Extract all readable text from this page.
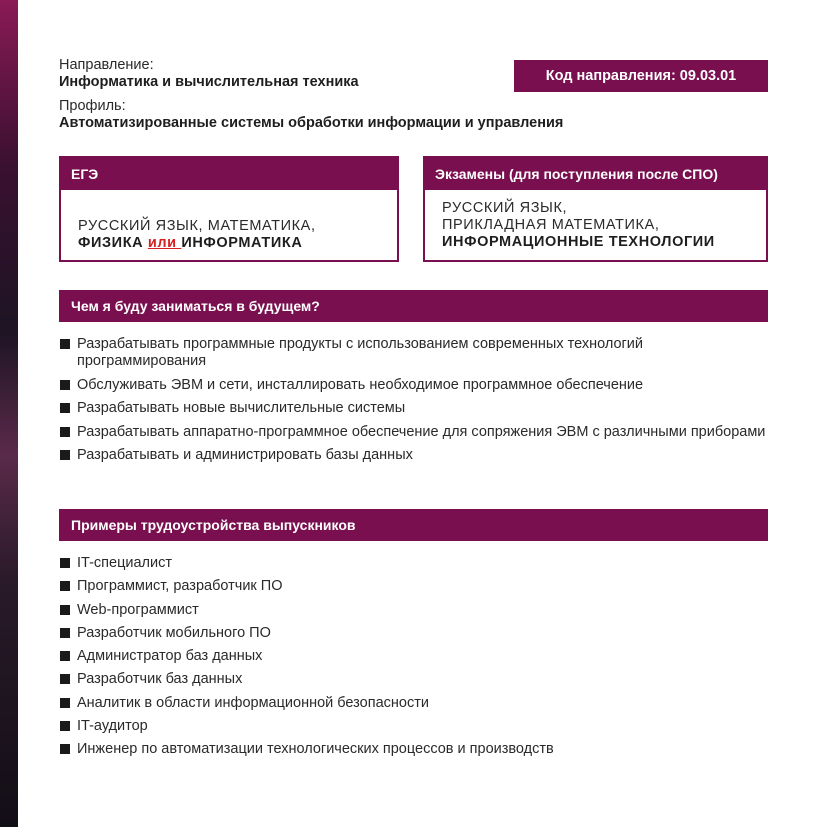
Направление:
Информатика и вычислительная техника
Профиль:
Автоматизированные системы обработки информации и управления
Код направления: 09.03.01
ЕГЭ
РУССКИЙ ЯЗЫК, МАТЕМАТИКА,
ФИЗИКА или ИНФОРМАТИКА
Экзамены (для поступления после СПО)
РУССКИЙ ЯЗЫК,
ПРИКЛАДНАЯ МАТЕМАТИКА,
ИНФОРМАЦИОННЫЕ ТЕХНОЛОГИИ
Чем я буду заниматься в будущем?
Разрабатывать программные продукты с использованием современных технологий программирования
Обслуживать ЭВМ и сети, инсталлировать необходимое программное обеспечение
Разрабатывать новые вычислительные системы
Разрабатывать аппаратно-программное обеспечение для сопряжения ЭВМ с различными приборами
Разрабатывать и администрировать базы данных
Примеры трудоустройства выпускников
IT-специалист
Программист, разработчик ПО
Web-программист
Разработчик мобильного ПО
Администратор баз данных
Разработчик баз данных
Аналитик в области информационной безопасности
IT-аудитор
Инженер по автоматизации технологических процессов и производств
